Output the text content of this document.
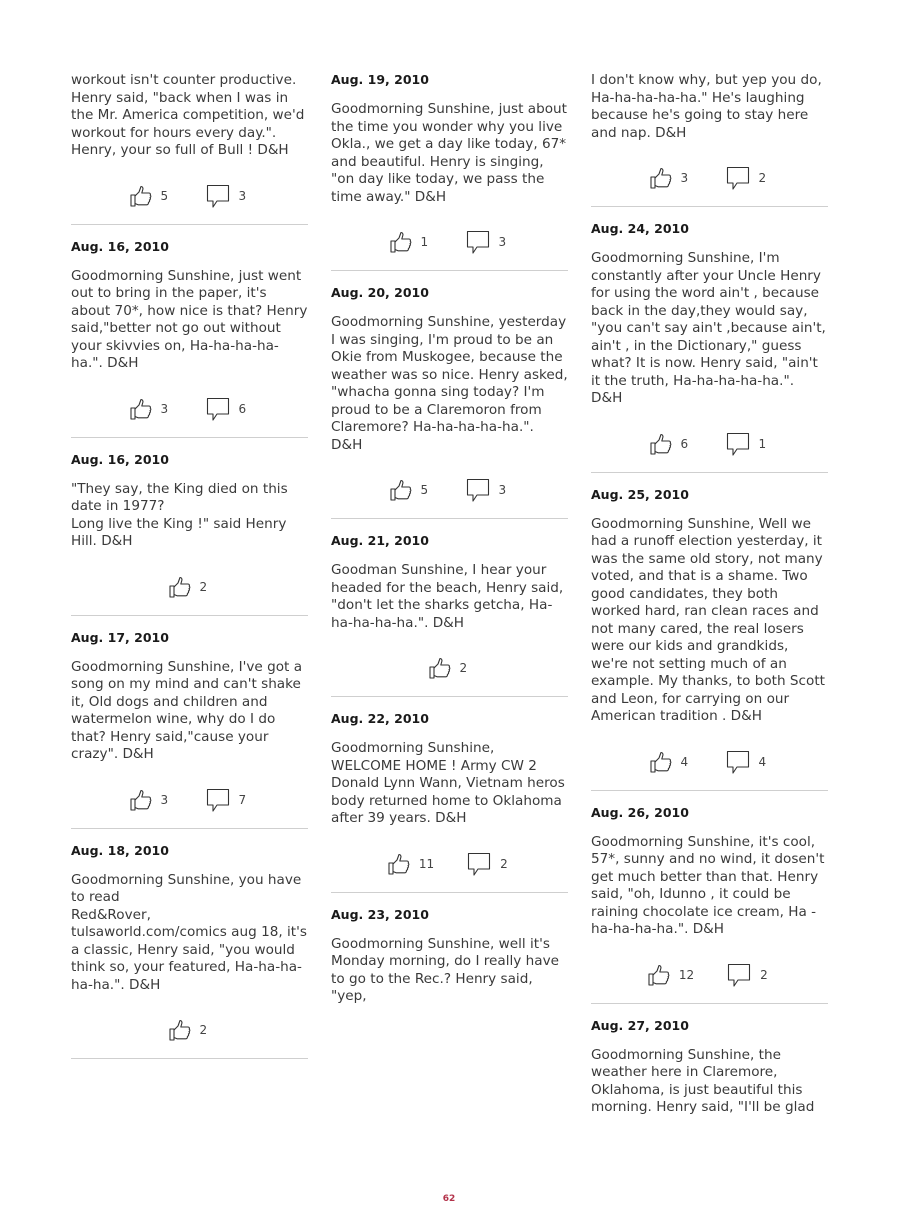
workout isn't counter productive. Henry said, "back when I was in the Mr. America competition, we'd workout for hours every day.". Henry, your so full of Bull ! D&H
5	3
Aug. 16, 2010
Goodmorning Sunshine, just went out to bring in the paper, it's about 70*, how nice is that? Henry said,"better not go out without your skivvies on, Ha-ha-ha-ha-ha.". D&H
3	6
Aug. 16, 2010
"They say, the King died on this date in 1977?
Long live the King !" said Henry Hill. D&H
2
Aug. 17, 2010
Goodmorning Sunshine, I've got a song on my mind and can't shake it, Old dogs and children and watermelon wine, why do I do that? Henry said,"cause your crazy". D&H
3	7
Aug. 18, 2010
Goodmorning Sunshine, you have to read
Red&Rover, tulsaworld.com/comics aug 18, it's a classic, Henry said, "you would think so, your featured, Ha-ha-ha-ha-ha.". D&H
2
Aug. 19, 2010
Goodmorning Sunshine, just about the time you wonder why you live Okla., we get a day like today, 67* and beautiful. Henry is singing, "on day like today, we pass the time away." D&H
1	3
Aug. 20, 2010
Goodmorning Sunshine, yesterday I was singing, I'm proud to be an Okie from Muskogee, because the weather was so nice. Henry asked, "whacha gonna sing today? I'm proud to be a Claremoron from Claremore? Ha-ha-ha-ha-ha.". D&H
5	3
Aug. 21, 2010
Goodman Sunshine, I hear your headed for the beach, Henry said, "don't let the sharks getcha, Ha-ha-ha-ha-ha.". D&H
2
Aug. 22, 2010
Goodmorning Sunshine, WELCOME HOME ! Army CW 2 Donald Lynn Wann, Vietnam heros body returned home to Oklahoma after 39 years. D&H
11	2
Aug. 23, 2010
Goodmorning Sunshine, well it's Monday morning, do I really have to go to the Rec.? Henry said, "yep,
I don't know why, but yep you do, Ha-ha-ha-ha-ha." He's laughing because he's going to stay here and nap. D&H
3	2
Aug. 24, 2010
Goodmorning Sunshine, I'm constantly after your Uncle Henry for using the word ain't , because back in the day,they would say, "you can't say ain't ,because ain't, ain't , in the Dictionary," guess what? It is now. Henry said, "ain't it the truth, Ha-ha-ha-ha-ha.". D&H
6	1
Aug. 25, 2010
Goodmorning Sunshine, Well we had a runoff election yesterday, it was the same old story, not many voted, and that is a shame. Two good candidates, they both worked hard, ran clean races and not many cared, the real losers were our kids and grandkids, we're not setting much of an example. My thanks, to both Scott and Leon, for carrying on our American tradition . D&H
4	4
Aug. 26, 2010
Goodmorning Sunshine, it's cool, 57*, sunny and no wind, it dosen't get much better than that. Henry said, "oh, Idunno , it could be raining chocolate ice cream, Ha -ha-ha-ha-ha.". D&H
12	2
Aug. 27, 2010
Goodmorning Sunshine, the weather here in Claremore, Oklahoma, is just beautiful this morning. Henry said, "I'll be glad
62
